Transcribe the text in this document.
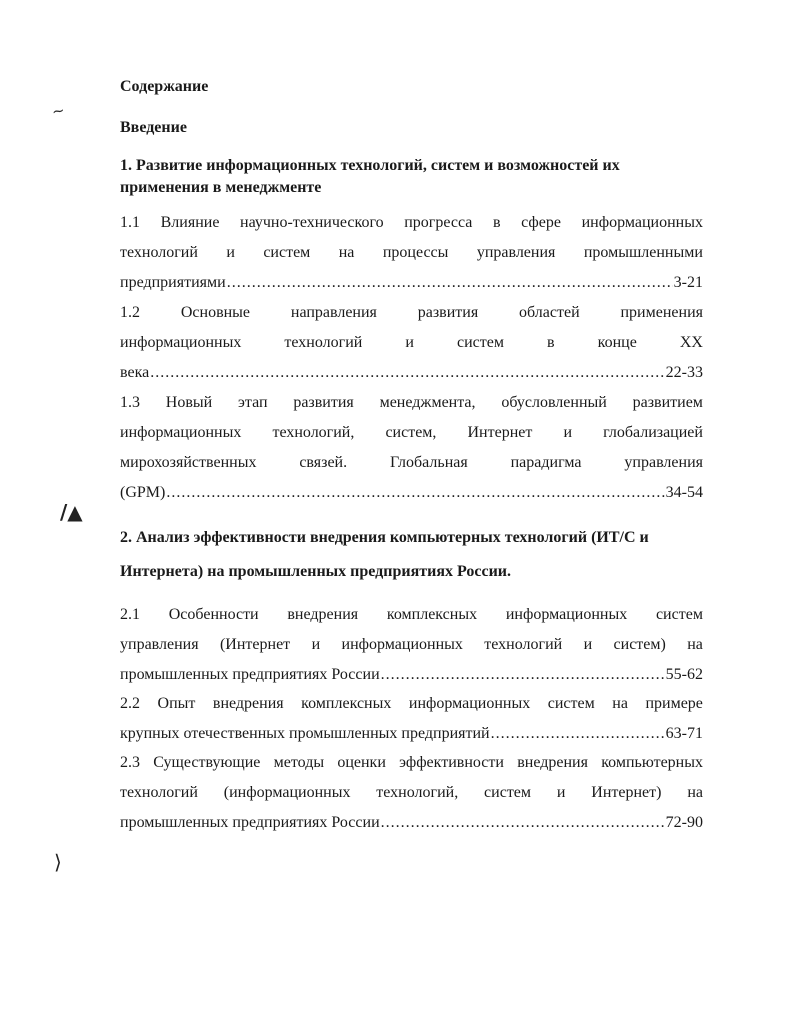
~
/▲
⟩
Содержание
Введение
1. Развитие информационных технологий, систем и возможностей их
применения в менеджменте
1.1 Влияние научно-технического прогресса в сфере информационных
технологий и систем на процессы управления промышленными
предприятиями .....	3-21
1.2	Основные	направления	развития	областей	применения
информационных	технологий	и	систем	в	конце	XX
века .....	22-33
1.3 Новый этап развития менеджмента, обусловленный развитием
информационных технологий, систем, Интернет и глобализацией
мирохозяйственных	связей.	Глобальная	парадигма	управления
(GPM) .....	34-54
2. Анализ эффективности внедрения компьютерных технологий (ИТ/С и
Интернета) на промышленных предприятиях России.
2.1 Особенности внедрения комплексных информационных систем
управления (Интернет и информационных технологий и систем) на
промышленных предприятиях России .....	55-62
2.2 Опыт внедрения комплексных информационных систем на примере
крупных отечественных промышленных предприятий .....	63-71
2.3 Существующие методы оценки эффективности внедрения компьютерных
технологий (информационных технологий, систем и Интернет) на
промышленных предприятиях России .....	72-90
